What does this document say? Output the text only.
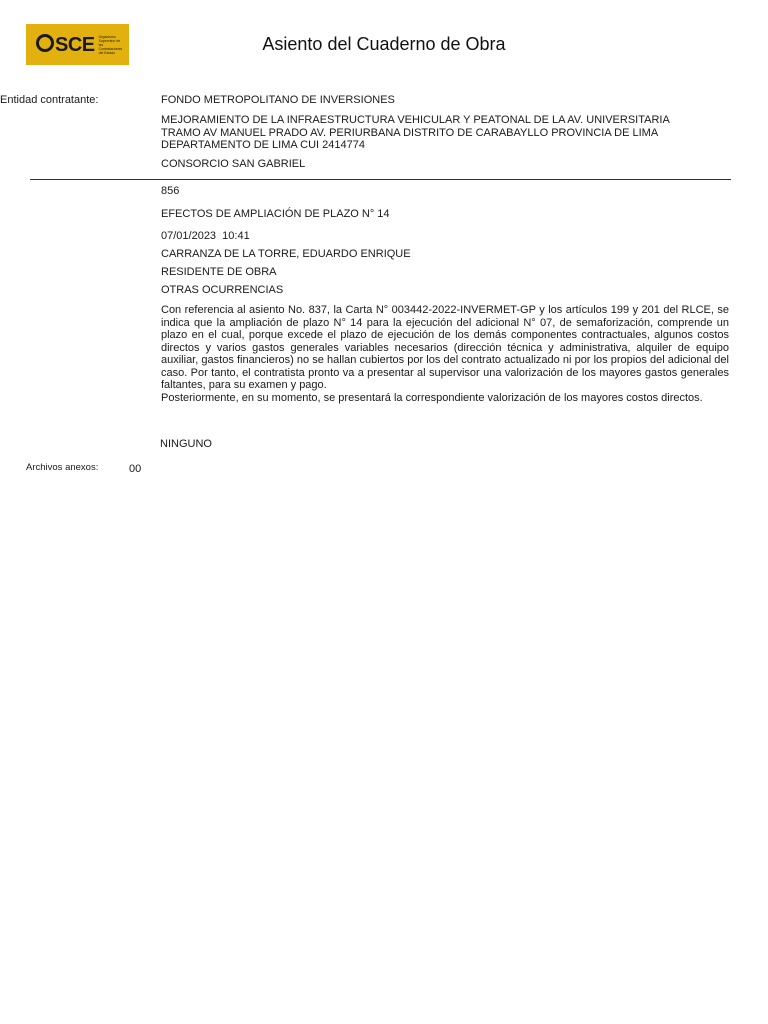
SCE Organismo Supervisor de las Contrataciones del Estado	Asiento del Cuaderno de Obra
Entidad contratante:	FONDO METROPOLITANO DE INVERSIONES
MEJORAMIENTO DE LA INFRAESTRUCTURA VEHICULAR Y PEATONAL DE LA AV. UNIVERSITARIA
TRAMO AV MANUEL PRADO AV. PERIURBANA DISTRITO DE CARABAYLLO PROVINCIA DE LIMA
DEPARTAMENTO DE LIMA CUI 2414774
CONSORCIO SAN GABRIEL
856
EFECTOS DE AMPLIACIÓN DE PLAZO N° 14
07/01/2023  10:41
CARRANZA DE LA TORRE, EDUARDO ENRIQUE
RESIDENTE DE OBRA
OTRAS OCURRENCIAS
Con referencia al asiento No. 837, la Carta N° 003442-2022-INVERMET-GP y los artículos 199 y 201 del RLCE, se indica que la ampliación de plazo N° 14 para la ejecución del adicional N° 07, de semaforización, comprende un plazo en el cual, porque excede el plazo de ejecución de los demás componentes contractuales, algunos costos directos y varios gastos generales variables necesarios (dirección técnica y administrativa, alquiler de equipo auxiliar, gastos financieros) no se hallan cubiertos por los del contrato actualizado ni por los propios del adicional del caso. Por tanto, el contratista pronto va a presentar al supervisor una valorización de los mayores gastos generales faltantes, para su examen y pago.
Posteriormente, en su momento, se presentará la correspondiente valorización de los mayores costos directos.
NINGUNO
Archivos anexos:	00
